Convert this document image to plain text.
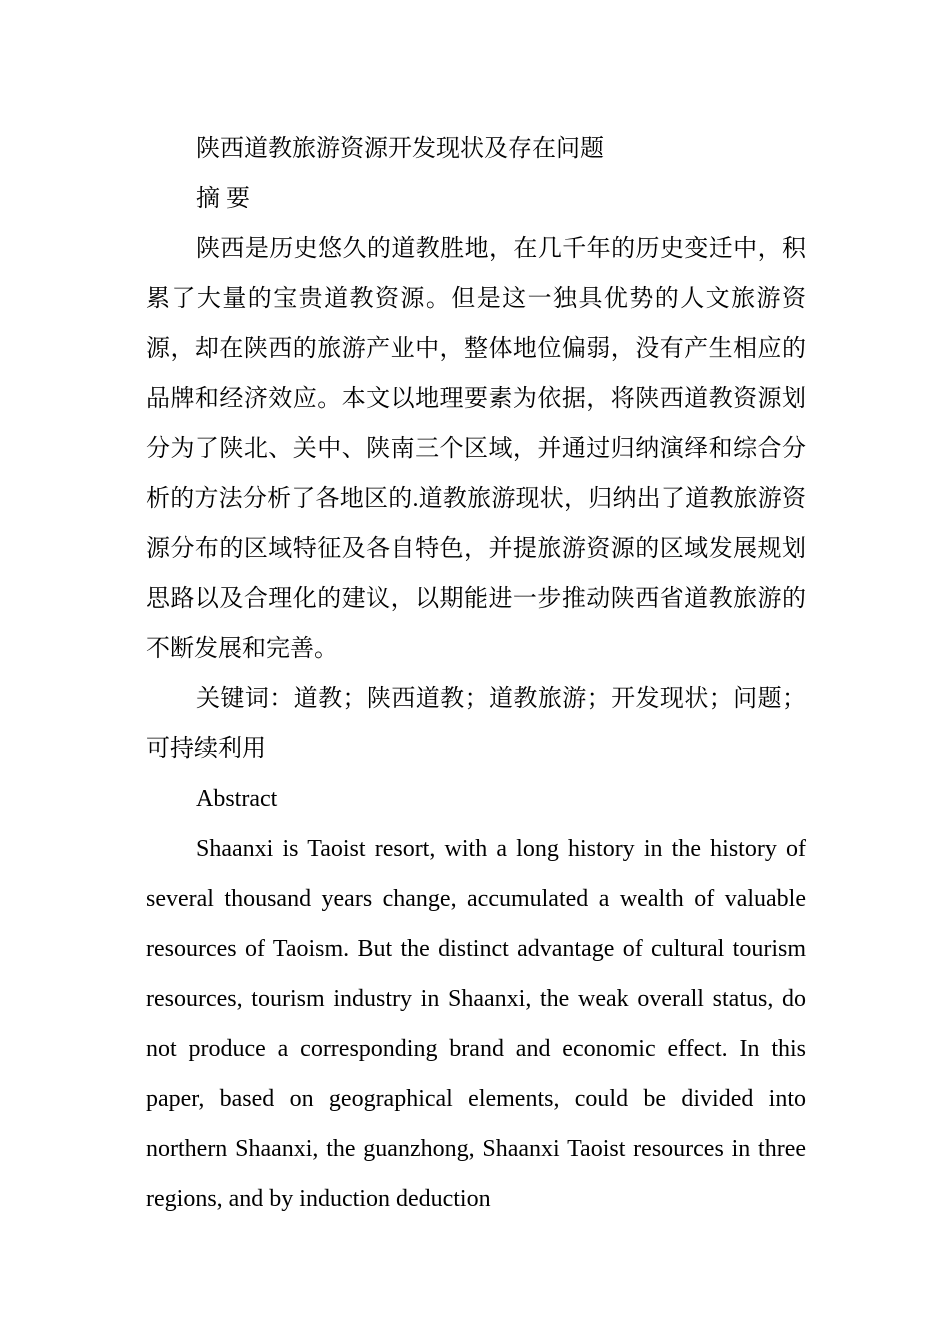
陕西道教旅游资源开发现状及存在问题

摘 要

陕西是历史悠久的道教胜地，在几千年的历史变迁中，积累了大量的宝贵道教资源。但是这一独具优势的人文旅游资源，却在陕西的旅游产业中，整体地位偏弱，没有产生相应的品牌和经济效应。本文以地理要素为依据，将陕西道教资源划分为了陕北、关中、陕南三个区域，并通过归纳演绎和综合分析的方法分析了各地区的.道教旅游现状，归纳出了道教旅游资源分布的区域特征及各自特色，并提旅游资源的区域发展规划思路以及合理化的建议，以期能进一步推动陕西省道教旅游的不断发展和完善。

关键词：道教；陕西道教；道教旅游；开发现状；问题；可持续利用

Abstract

Shaanxi is Taoist resort, with a long history in the history of several thousand years change, accumulated a wealth of valuable resources of Taoism. But the distinct advantage of cultural tourism resources, tourism industry in Shaanxi, the weak overall status, do not produce a corresponding brand and economic effect. In this paper, based on geographical elements, could be divided into northern Shaanxi, the guanzhong, Shaanxi Taoist resources in three regions, and by induction deduction
